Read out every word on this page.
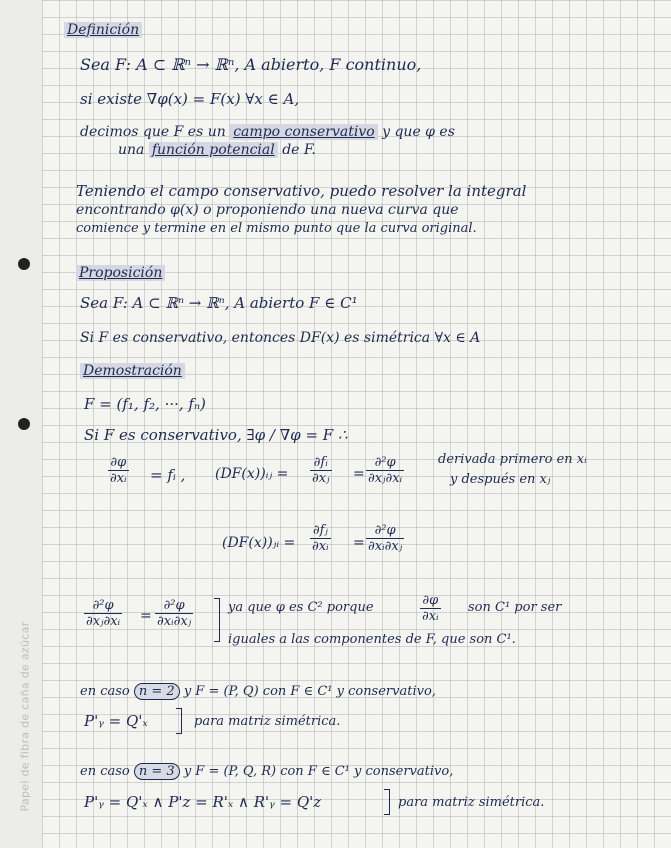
Papel de fibra de caña de azúcar
Definición
Sea F: A ⊂ ℝⁿ → ℝⁿ, A abierto, F continuo,
si existe ∇φ(x) = F(x) ∀x ∈ A,
decimos que F es un campo conservativo y que φ es
una función potencial de F.
Teniendo el campo conservativo, puedo resolver la integral
encontrando φ(x) o proponiendo una nueva curva que
comience y termine en el mismo punto que la curva original.
Proposición
Sea F: A ⊂ ℝⁿ → ℝⁿ, A abierto F ∈ C¹
Si F es conservativo, entonces DF(x) es simétrica ∀x ∈ A
Demostración
F = (f₁, f₂, ···, fₙ)
Si F es conservativo, ∃φ / ∇φ = F ∴
$\frac{\partial\varphi}{\text{∂xᵢ}}$ = fᵢ , (DF(x))ᵢⱼ = $\frac{\text{∂fᵢ}}{\text{∂xⱼ}} = \frac{\text{∂²φ}}{\text{∂xⱼ∂xᵢ}}$	derivada primero en xᵢ
y después en xⱼ
(DF(x))ⱼᵢ = $\frac{\text{∂fⱼ}}{\text{∂xᵢ}} = \frac{\text{∂²φ}}{\text{∂xᵢ∂xⱼ}}$
$\frac{\text{∂²φ}}{\text{∂xⱼ∂xᵢ}} = \frac{\text{∂²φ}}{\text{∂xᵢ∂xⱼ}}$	ya que φ es C² porque	$\frac{\partial\varphi}{\text{∂xᵢ}}$ son C¹ por ser
iguales a las componentes de F, que son C¹.
en caso n = 2 y F = (P, Q) con F ∈ C¹ y conservativo,
P'ᵧ = Q'ₓ	para matriz simétrica.
en caso n = 3 y F = (P, Q, R) con F ∈ C¹ y conservativo,
P'ᵧ = Q'ₓ ∧ P'z = R'ₓ ∧ R'ᵧ = Q'z	para matriz simétrica.
